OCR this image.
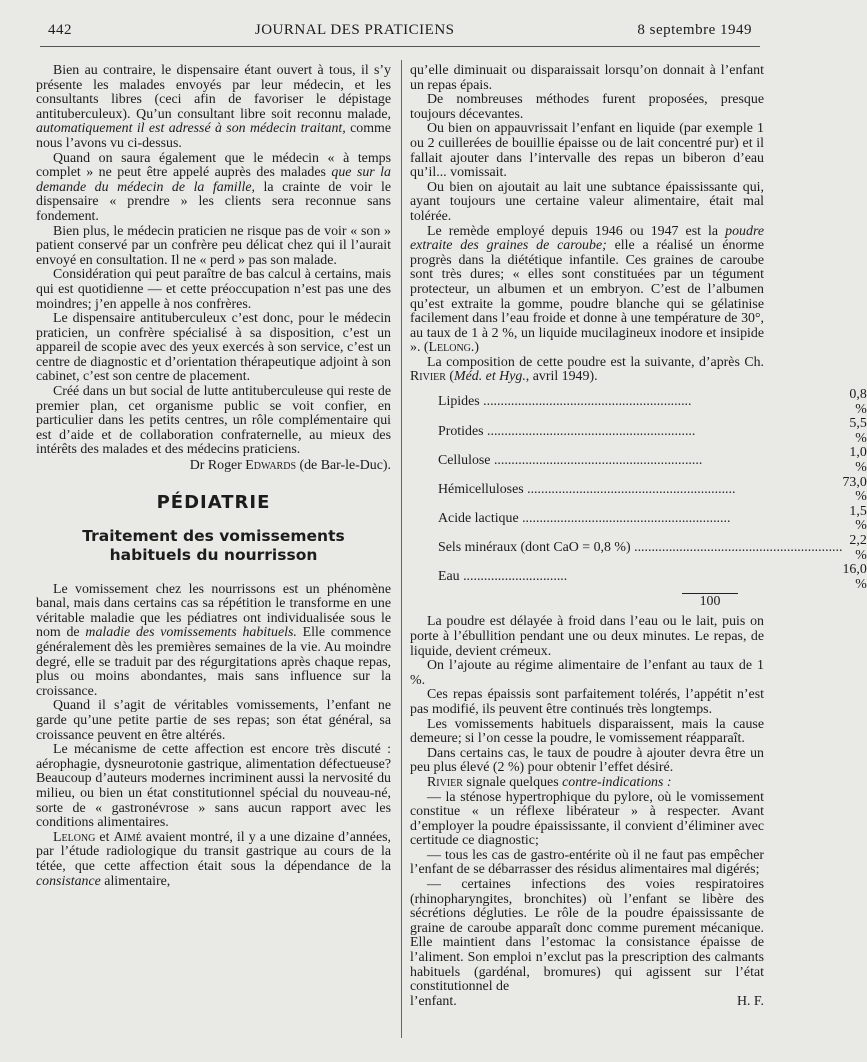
442	JOURNAL DES PRATICIENS	8 septembre 1949

Bien au contraire, le dispensaire étant ouvert à tous, il s’y présente les malades envoyés par leur médecin, et les consultants libres (ceci afin de favoriser le dépistage antituberculeux). Qu’un consultant libre soit reconnu malade, automatiquement il est adressé à son médecin traitant, comme nous l’avons vu ci-dessus.

Quand on saura également que le médecin « à temps complet » ne peut être appelé auprès des malades que sur la demande du médecin de la famille, la crainte de voir le dispensaire « prendre » les clients sera reconnue sans fondement.

Bien plus, le médecin praticien ne risque pas de voir « son » patient conservé par un confrère peu délicat chez qui il l’aurait envoyé en consultation. Il ne « perd » pas son malade.

Considération qui peut paraître de bas calcul à certains, mais qui est quotidienne — et cette préoccupation n’est pas une des moindres; j’en appelle à nos confrères.

Le dispensaire antituberculeux c’est donc, pour le médecin praticien, un confrère spécialisé à sa disposition, c’est un appareil de scopie avec des yeux exercés à son service, c’est un centre de diagnostic et d’orientation thérapeutique adjoint à son cabinet, c’est son centre de placement.

Créé dans un but social de lutte antituberculeuse qui reste de premier plan, cet organisme public se voit confier, en particulier dans les petits centres, un rôle complémentaire qui est d’aide et de collaboration confraternelle, au mieux des intérêts des malades et des médecins praticiens.

Dr Roger Edwards (de Bar-le-Duc).

PÉDIATRIE
Traitement des vomissements
habituels du nourrisson

Le vomissement chez les nourrissons est un phénomène banal, mais dans certains cas sa répétition le transforme en une véritable maladie que les pédiatres ont individualisée sous le nom de maladie des vomissements habituels. Elle commence généralement dès les premières semaines de la vie. Au moindre degré, elle se traduit par des régurgitations après chaque repas, plus ou moins abondantes, mais sans influence sur la croissance.

Quand il s’agit de véritables vomissements, l’enfant ne garde qu’une petite partie de ses repas; son état général, sa croissance peuvent en être altérés.

Le mécanisme de cette affection est encore très discuté : aérophagie, dysneurotonie gastrique, alimentation défectueuse? Beaucoup d’auteurs modernes incriminent aussi la nervosité du milieu, ou bien un état constitutionnel spécial du nouveau-né, sorte de « gastronévrose » sans aucun rapport avec les conditions alimentaires.

Lelong et Aimé avaient montré, il y a une dizaine d’années, par l’étude radiologique du transit gastrique au cours de la tétée, que cette affection était sous la dépendance de la consistance alimentaire,

qu’elle diminuait ou disparaissait lorsqu’on donnait à l’enfant un repas épais.

De nombreuses méthodes furent proposées, presque toujours décevantes.

Ou bien on appauvrissait l’enfant en liquide (par exemple 1 ou 2 cuillerées de bouillie épaisse ou de lait concentré pur) et il fallait ajouter dans l’intervalle des repas un biberon d’eau qu’il... vomissait.

Ou bien on ajoutait au lait une subtance épaississante qui, ayant toujours une certaine valeur alimentaire, était mal tolérée.

Le remède employé depuis 1946 ou 1947 est la poudre extraite des graines de caroube; elle a réalisé un énorme progrès dans la diététique infantile. Ces graines de caroube sont très dures; « elles sont constituées par un tégument protecteur, un albumen et un embryon. C’est de l’albumen qu’est extraite la gomme, poudre blanche qui se gélatinise facilement dans l’eau froide et donne à une température de 30°, au taux de 1 à 2 %, un liquide mucilagineux inodore et insipide ». (Lelong.)

La composition de cette poudre est la suivante, d’après Ch. Rivier (Méd. et Hyg., avril 1949).

Lipides ............................................................	0,8 %
Protides ............................................................	5,5 %
Cellulose ............................................................	1,0 %
Hémicelluloses ............................................................	73,0 %
Acide lactique ............................................................	1,5 %
Sels minéraux (dont CaO = 0,8 %) ............................................................	2,2 %
Eau ..............................	16,0 %
100

La poudre est délayée à froid dans l’eau ou le lait, puis on porte à l’ébullition pendant une ou deux minutes. Le repas, de liquide, devient crémeux.

On l’ajoute au régime alimentaire de l’enfant au taux de 1 %.

Ces repas épaissis sont parfaitement tolérés, l’appétit n’est pas modifié, ils peuvent être continués très longtemps.

Les vomissements habituels disparaissent, mais la cause demeure; si l’on cesse la poudre, le vomissement réapparaît.

Dans certains cas, le taux de poudre à ajouter devra être un peu plus élevé (2 %) pour obtenir l’effet désiré.

Rivier signale quelques contre-indications :

— la sténose hypertrophique du pylore, où le vomissement constitue « un réflexe libérateur » à respecter. Avant d’employer la poudre épaississante, il convient d’éliminer avec certitude ce diagnostic;

— tous les cas de gastro-entérite où il ne faut pas empêcher l’enfant de se débarrasser des résidus alimentaires mal digérés;

— certaines infections des voies respiratoires (rhinopharyngites, bronchites) où l’enfant se libère des sécrétions dégluties. Le rôle de la poudre épaississante de graine de caroube apparaît donc comme purement mécanique. Elle maintient dans l’estomac la consistance épaisse de l’aliment. Son emploi n’exclut pas la prescription des calmants habituels (gardénal, bromures) qui agissent sur l’état constitutionnel de

l’enfant.	H. F.
